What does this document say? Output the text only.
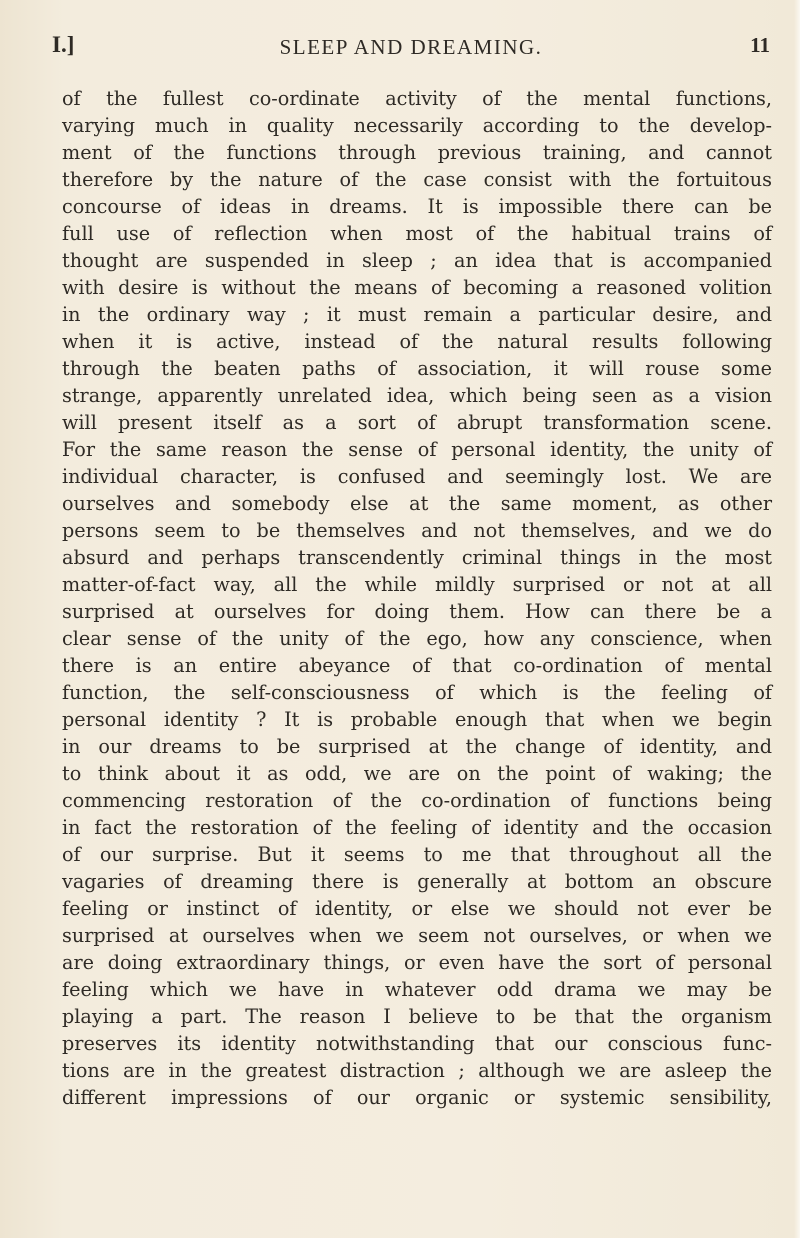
I.]	SLEEP AND DREAMING.	11
of the fullest co-ordinate activity of the mental functions,
varying much in quality necessarily according to the develop-
ment of the functions through previous training, and cannot
therefore by the nature of the case consist with the fortuitous
concourse of ideas in dreams. It is impossible there can be
full use of reflection when most of the habitual trains of
thought are suspended in sleep ; an idea that is accompanied
with desire is without the means of becoming a reasoned volition
in the ordinary way ; it must remain a particular desire, and
when it is active, instead of the natural results following
through the beaten paths of association, it will rouse some
strange, apparently unrelated idea, which being seen as a vision
will present itself as a sort of abrupt transformation scene.
For the same reason the sense of personal identity, the unity of
individual character, is confused and seemingly lost. We are
ourselves and somebody else at the same moment, as other
persons seem to be themselves and not themselves, and we do
absurd and perhaps transcendently criminal things in the most
matter-of-fact way, all the while mildly surprised or not at all
surprised at ourselves for doing them. How can there be a
clear sense of the unity of the ego, how any conscience, when
there is an entire abeyance of that co-ordination of mental
function, the self-consciousness of which is the feeling of
personal identity ? It is probable enough that when we begin
in our dreams to be surprised at the change of identity, and
to think about it as odd, we are on the point of waking; the
commencing restoration of the co-ordination of functions being
in fact the restoration of the feeling of identity and the occasion
of our surprise. But it seems to me that throughout all the
vagaries of dreaming there is generally at bottom an obscure
feeling or instinct of identity, or else we should not ever be
surprised at ourselves when we seem not ourselves, or when we
are doing extraordinary things, or even have the sort of personal
feeling which we have in whatever odd drama we may be
playing a part. The reason I believe to be that the organism
preserves its identity notwithstanding that our conscious func-
tions are in the greatest distraction ; although we are asleep the
different impressions of our organic or systemic sensibility,
